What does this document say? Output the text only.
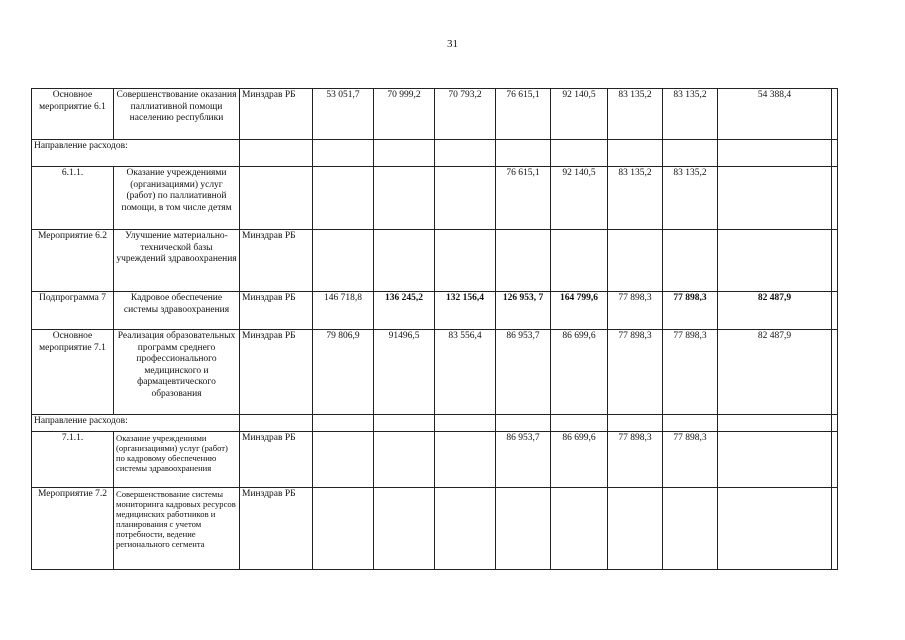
31
Основное мероприятие 6.1	Совершенствование оказания паллиативной помощи населению республики	Минздрав РБ	53 051,7	70 999,2	70 793,2	76 615,1	92 140,5	83 135,2	83 135,2	54 388,4	
Направление расходов:											
6.1.1.	Оказание учреждениями (организациями) услуг (работ) по паллиативной помощи, в том числе детям					76 615,1	92 140,5	83 135,2	83 135,2		
Мероприятие 6.2	Улучшение материально-технической базы учреждений здравоохранения	Минздрав РБ									
Подпрограмма 7	Кадровое обеспечение системы здравоохранения	Минздрав РБ	146 718,8	136 245,2	132 156,4	126 953, 7	164 799,6	77 898,3	77 898,3	82 487,9	
Основное мероприятие 7.1	Реализация образовательных программ среднего профессионального медицинского и фармацевтического образования	Минздрав РБ	79 806,9	91496,5	83 556,4	86 953,7	86 699,6	77 898,3	77 898,3	82 487,9	
Направление расходов:											
7.1.1.	Оказание учреждениями (организациями) услуг (работ) по кадровому обеспечению системы здравоохранения	Минздрав РБ				86 953,7	86 699,6	77 898,3	77 898,3		
Мероприятие 7.2	Совершенствование системы мониторинга кадровых ресурсов медицинских работников и планирования с учетом потребности, ведение регионального сегмента	Минздрав РБ									
